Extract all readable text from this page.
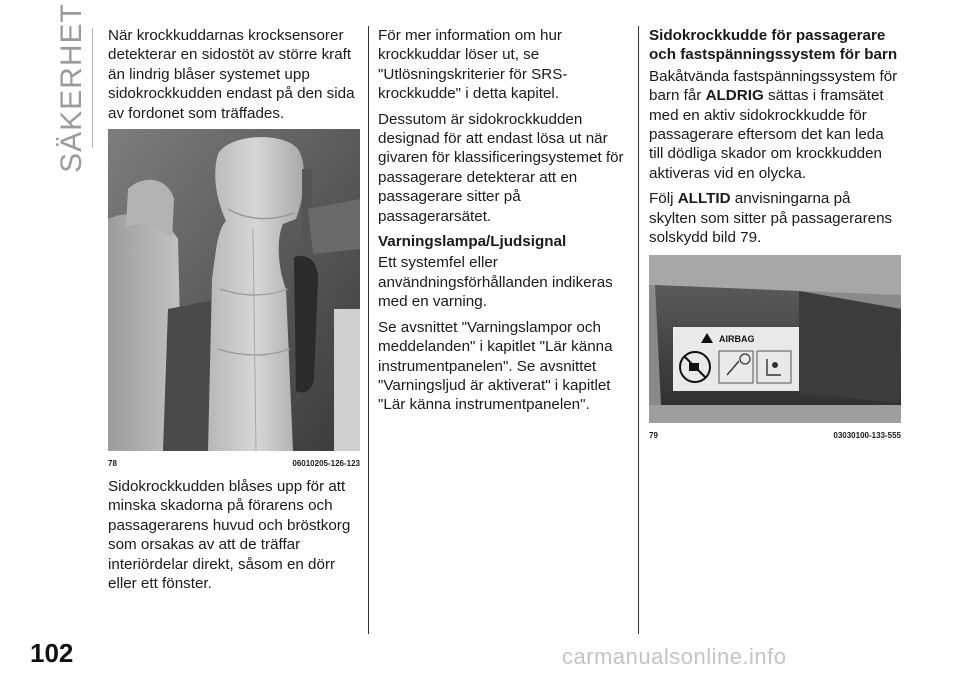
SÄKERHET När krockkuddarnas krocksensorer detekterar en sidostöt av större kraft än lindrig blåser systemet upp sidokrockkudden endast på den sida av fordonet som träffades.

78	06010205-126-123

Sidokrockkudden blåses upp för att minska skadorna på förarens och passagerarens huvud och bröstkorg som orsakas av att de träffar interiördelar direkt, såsom en dörr eller ett fönster.

För mer information om hur krockkuddar löser ut, se "Utlösningskriterier för SRS-krockkudde" i detta kapitel.

Dessutom är sidokrockkudden designad för att endast lösa ut när givaren för klassificeringsystemet för passagerare detekterar att en passagerare sitter på passagerarsätet.

Varningslampa/Ljudsignal

Ett systemfel eller användningsförhållanden indikeras med en varning.

Se avsnittet "Varningslampor och meddelanden" i kapitlet "Lär känna instrumentpanelen". Se avsnittet "Varningsljud är aktiverat" i kapitlet "Lär känna instrumentpanelen".

Sidokrockkudde för passagerare och fastspänningssystem för barn

Bakåtvända fastspänningssystem för barn får ALDRIG sättas i framsätet med en aktiv sidokrockkudde för passagerare eftersom det kan leda till dödliga skador om krockkudden aktiveras vid en olycka.

Följ ALLTID anvisningarna på skylten som sitter på passagerarens solskydd bild 79.

AIRBAG
79	03030100-133-555
102	carmanualsonline.info
